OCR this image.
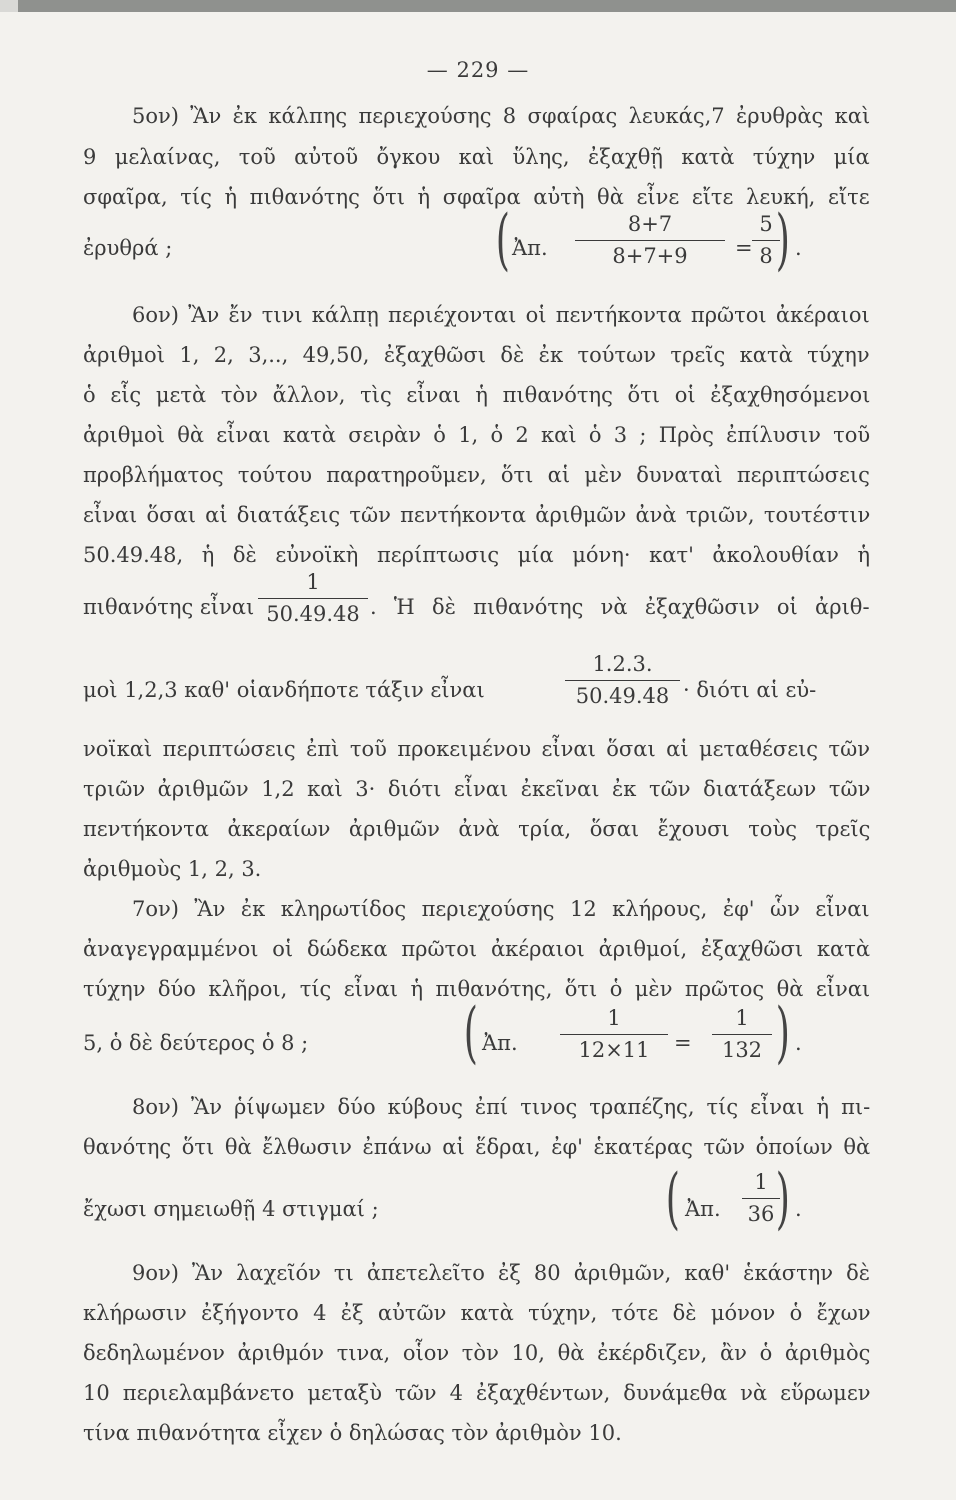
— 229 —
5ον) Ἂν ἐκ κάλπης περιεχούσης 8 σφαίρας λευκάς,7 ἐρυθρὰς καὶ
9 μελαίνας, τοῦ αὐτοῦ ὄγκου καὶ ὕλης, ἐξαχθῇ κατὰ τύχην μία
σφαῖρα, τίς ἡ πιθανότης ὅτι ἡ σφαῖρα αὐτὴ θὰ εἶνε εἴτε λευκή, εἴτε
ἐρυθρά ;	( Ἀπ.
8+7
8+7+9	=
5
8 ) .
6ον) Ἂν ἔν τινι κάλπῃ περιέχονται οἱ πεντήκοντα πρῶτοι ἀκέραιοι
ἀριθμοὶ 1, 2, 3,.., 49,50, ἐξαχθῶσι δὲ ἐκ τούτων τρεῖς κατὰ τύχην
ὁ εἷς μετὰ τὸν ἄλλον, τὶς εἶναι ἡ πιθανότης ὅτι οἱ ἐξαχθησόμενοι
ἀριθμοὶ θὰ εἶναι κατὰ σειρὰν ὁ 1, ὁ 2 καὶ ὁ 3 ; Πρὸς ἐπίλυσιν τοῦ
προβλήματος τούτου παρατηροῦμεν, ὅτι αἱ μὲν δυναταὶ περιπτώσεις
εἶναι ὅσαι αἱ διατάξεις τῶν πεντήκοντα ἀριθμῶν ἀνὰ τριῶν, τουτέστιν
50.49.48, ἡ δὲ εὐνοϊκὴ περίπτωσις μία μόνη· κατ' ἀκολουθίαν ἡ
πιθανότης εἶναι
1
50.49.48 . Ἡ δὲ πιθανότης νὰ ἐξαχθῶσιν οἱ ἀριθ-
μοὶ 1,2,3 καθ' οἱανδήποτε τάξιν εἶναι
1.2.3.
50.49.48 · διότι αἱ εὐ-
νοϊκαὶ περιπτώσεις ἐπὶ τοῦ προκειμένου εἶναι ὅσαι αἱ μεταθέσεις τῶν
τριῶν ἀριθμῶν 1,2 καὶ 3· διότι εἶναι ἐκεῖναι ἐκ τῶν διατάξεων τῶν
πεντήκοντα ἀκεραίων ἀριθμῶν ἀνὰ τρία, ὅσαι ἔχουσι τοὺς τρεῖς
ἀριθμοὺς 1, 2, 3.
7ον) Ἂν ἐκ κληρωτίδος περιεχούσης 12 κλήρους, ἐφ' ὧν εἶναι
ἀναγεγραμμένοι οἱ δώδεκα πρῶτοι ἀκέραιοι ἀριθμοί, ἐξαχθῶσι κατὰ
τύχην δύο κλῆροι, τίς εἶναι ἡ πιθανότης, ὅτι ὁ μὲν πρῶτος θὰ εἶναι
5, ὁ δὲ δεύτερος ὁ 8 ; ( Ἀπ.
1
12×11	=
1
132 ) .
8ον) Ἂν ῥίψωμεν δύο κύβους ἐπί τινος τραπέζης, τίς εἶναι ἡ πι-
θανότης ὅτι θὰ ἔλθωσιν ἐπάνω αἱ ἕδραι, ἐφ' ἑκατέρας τῶν ὁποίων θὰ
ἔχωσι σημειωθῇ 4 στιγμαί ;	( Ἀπ.
1
36 ) .
9ον) Ἂν λαχεῖόν τι ἀπετελεῖτο ἐξ 80 ἀριθμῶν, καθ' ἑκάστην δὲ
κλήρωσιν ἐξήγοντο 4 ἐξ αὐτῶν κατὰ τύχην, τότε δὲ μόνον ὁ ἔχων
δεδηλωμένον ἀριθμόν τινα, οἷον τὸν 10, θὰ ἐκέρδιζεν, ἂν ὁ ἀριθμὸς
10 περιελαμβάνετο μεταξὺ τῶν 4 ἐξαχθέντων, δυνάμεθα νὰ εὕρωμεν
τίνα πιθανότητα εἶχεν ὁ δηλώσας τὸν ἀριθμὸν 10.
